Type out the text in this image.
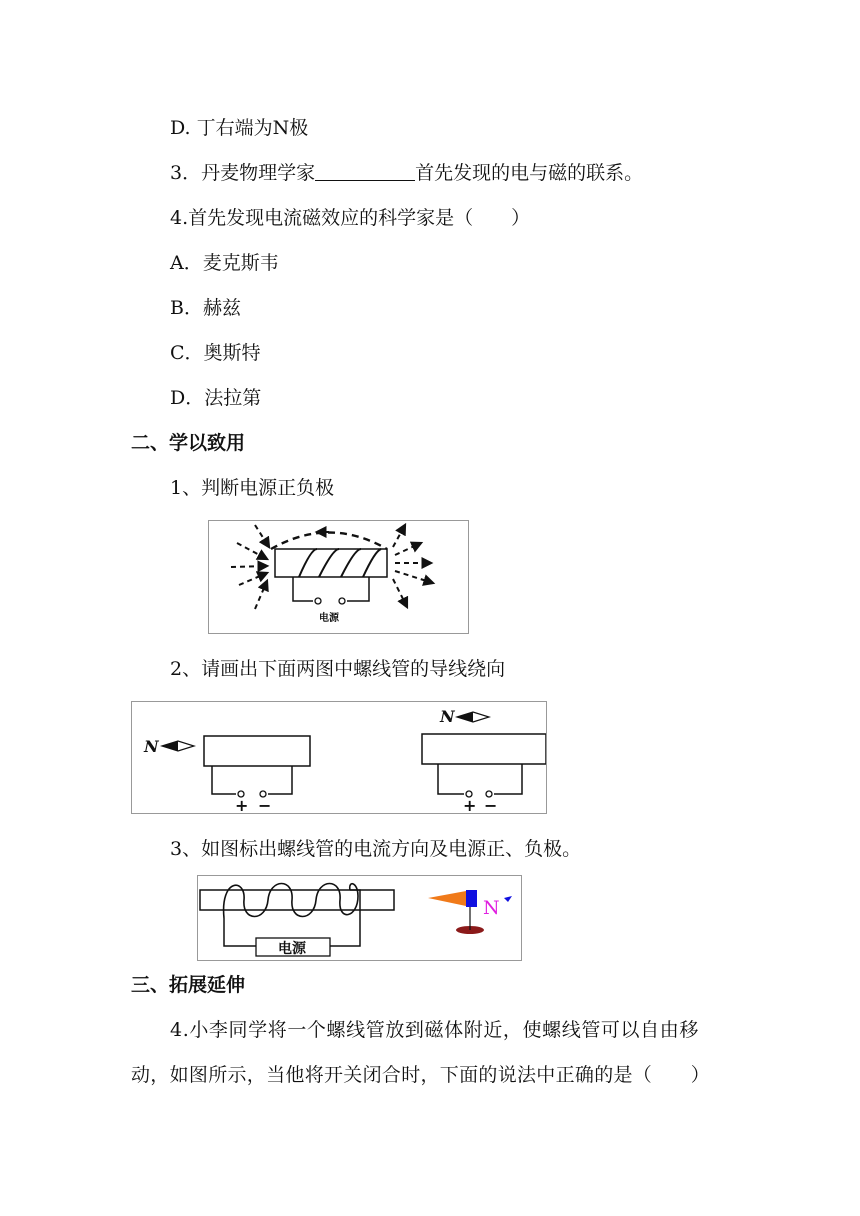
D. 丁右端为N极
3．丹麦物理学家	首先发现的电与磁的联系。
4.首先发现电流磁效应的科学家是（　　）
A．麦克斯韦
B．赫兹
C．奥斯特
D．法拉第
二、学以致用
1、判断电源正负极
电源
2、请画出下面两图中螺线管的导线绕向
N
+ −
N
+ −
3、如图标出螺线管的电流方向及电源正、负极。
电源
N
三、拓展延伸
4.小李同学将一个螺线管放到磁体附近，使螺线管可以自由移
动，如图所示，当他将开关闭合时，下面的说法中正确的是（　　）
